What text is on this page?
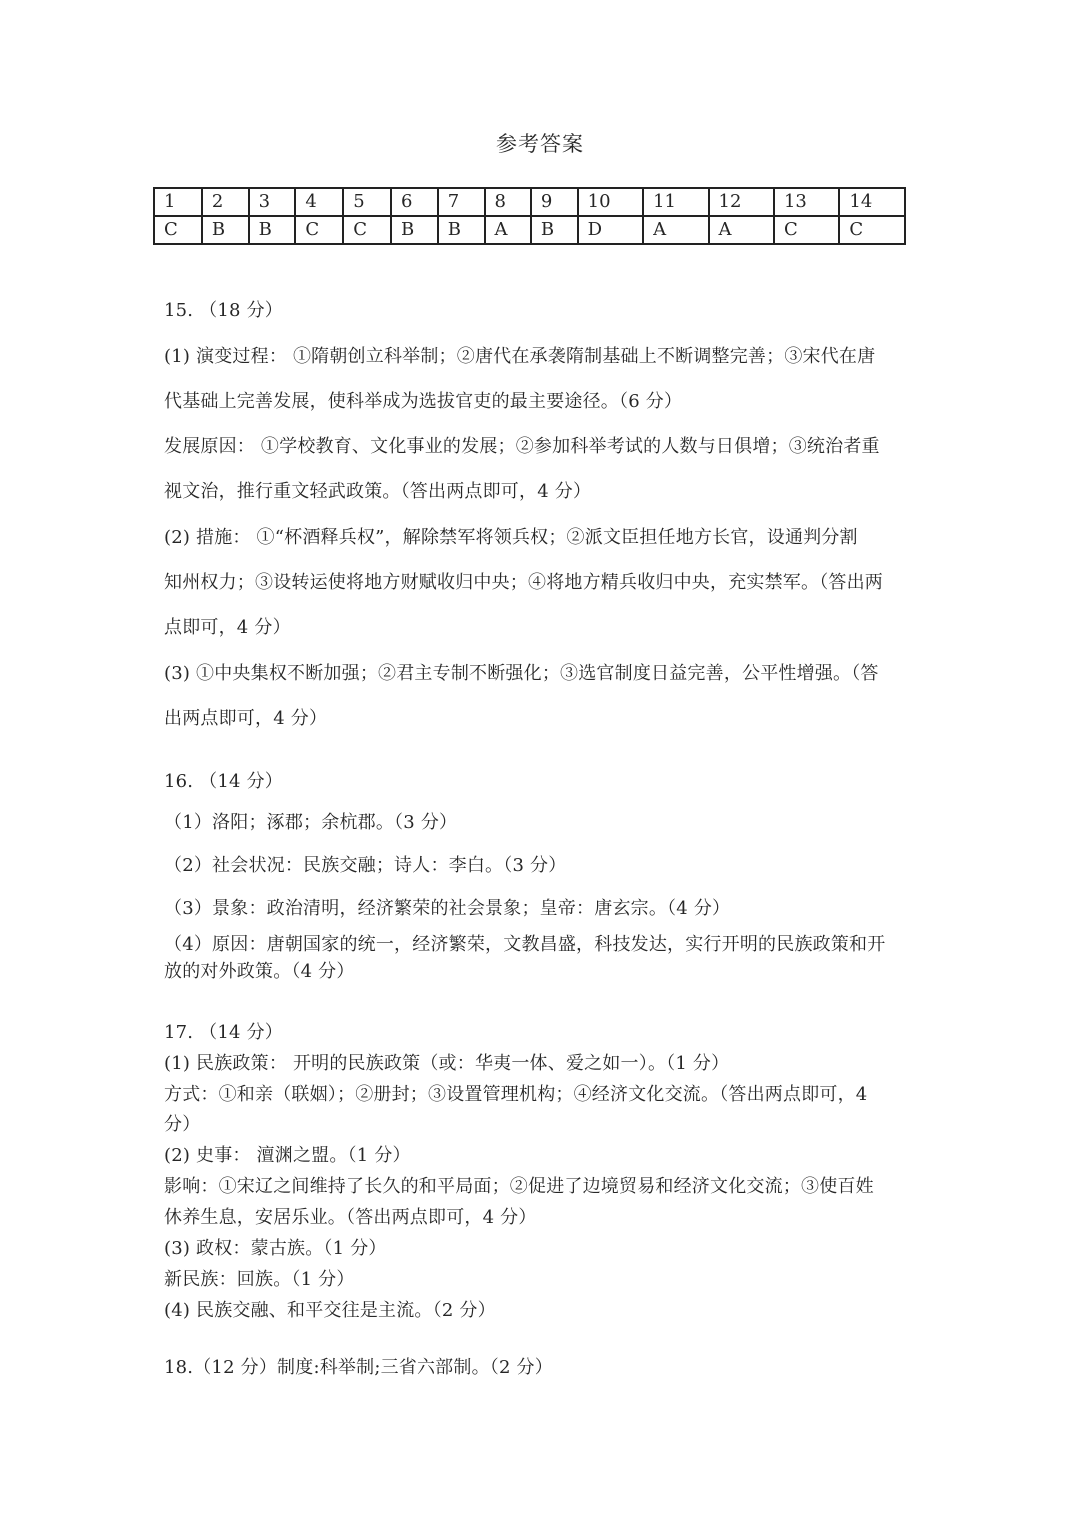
参考答案
1	2	3	4	5	6	7	8	9	10	11	12	13	14
C	B	B	C	C	B	B	A	B	D	A	A	C	C
15. （18 分）
(1) 演变过程： ①隋朝创立科举制；②唐代在承袭隋制基础上不断调整完善；③宋代在唐
代基础上完善发展，使科举成为选拔官吏的最主要途径。（6 分）
发展原因： ①学校教育、文化事业的发展；②参加科举考试的人数与日俱增；③统治者重
视文治，推行重文轻武政策。（答出两点即可，4 分）
(2) 措施： ①“杯酒释兵权”，解除禁军将领兵权；②派文臣担任地方长官，设通判分割
知州权力；③设转运使将地方财赋收归中央；④将地方精兵收归中央，充实禁军。（答出两
点即可，4 分）
(3) ①中央集权不断加强；②君主专制不断强化；③选官制度日益完善，公平性增强。（答
出两点即可，4 分）
16. （14 分）
（1）洛阳；涿郡；余杭郡。（3 分）
（2）社会状况：民族交融；诗人：李白。（3 分）
（3）景象：政治清明，经济繁荣的社会景象；皇帝：唐玄宗。（4 分）
（4）原因：唐朝国家的统一，经济繁荣，文教昌盛，科技发达，实行开明的民族政策和开
放的对外政策。（4 分）
17. （14 分）
(1) 民族政策： 开明的民族政策（或：华夷一体、爱之如一）。（1 分）
方式：①和亲（联姻）；②册封；③设置管理机构；④经济文化交流。（答出两点即可，4
分）
(2) 史事： 澶渊之盟。（1 分）
影响：①宋辽之间维持了长久的和平局面；②促进了边境贸易和经济文化交流；③使百姓
休养生息，安居乐业。（答出两点即可，4 分）
(3) 政权：蒙古族。（1 分）
新民族：回族。（1 分）
(4) 民族交融、和平交往是主流。（2 分）
18.（12 分）制度:科举制;三省六部制。（2 分）
